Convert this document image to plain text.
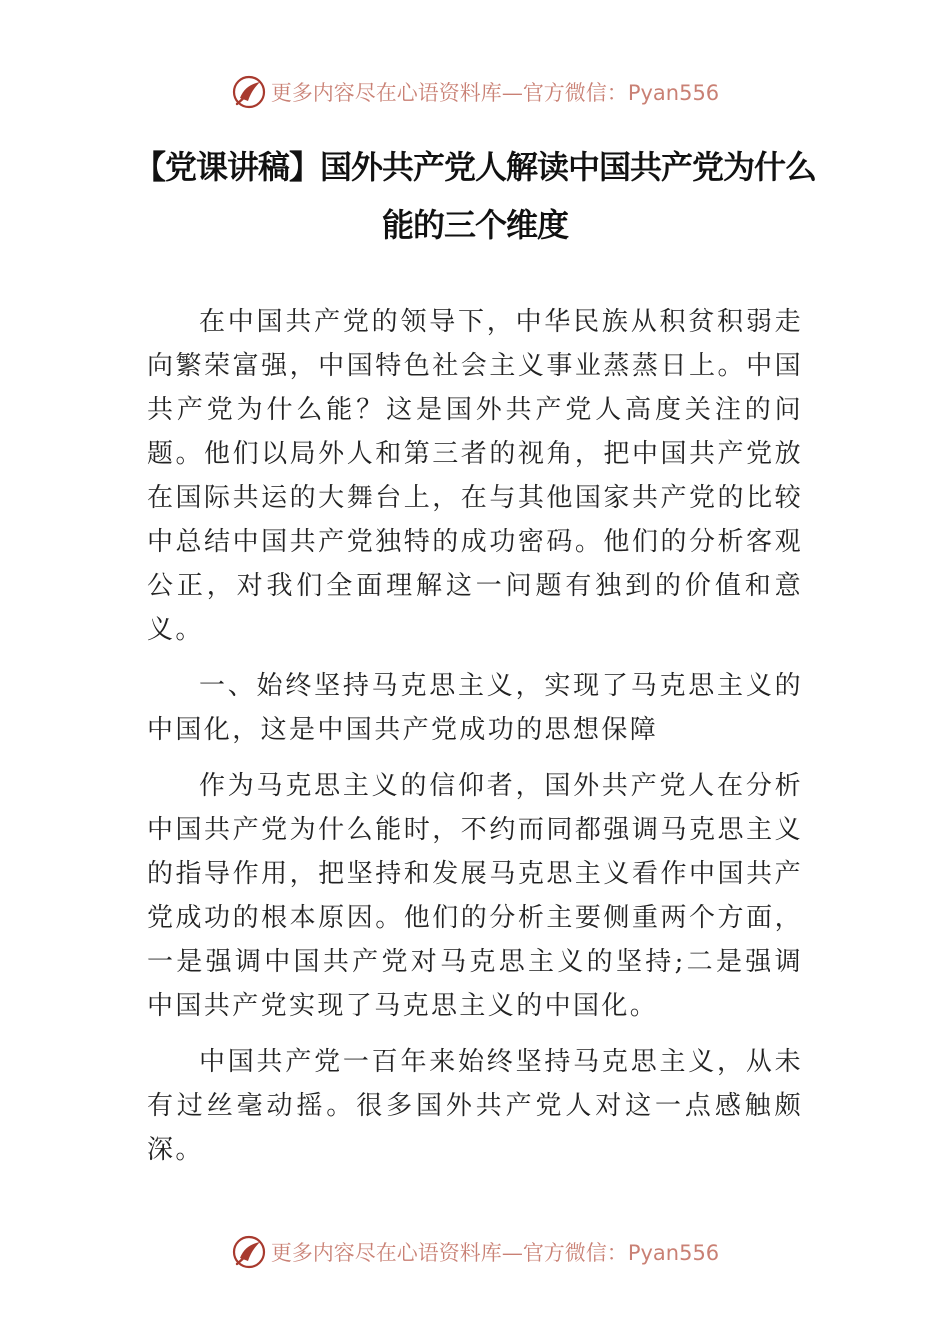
更多内容尽在心语资料库—官方微信：Pyan556
【党课讲稿】国外共产党人解读中国共产党为什么能的三个维度

在中国共产党的领导下，中华民族从积贫积弱走向繁荣富强，中国特色社会主义事业蒸蒸日上。中国共产党为什么能？这是国外共产党人高度关注的问题。他们以局外人和第三者的视角，把中国共产党放在国际共运的大舞台上，在与其他国家共产党的比较中总结中国共产党独特的成功密码。他们的分析客观公正，对我们全面理解这一问题有独到的价值和意义。

一、始终坚持马克思主义，实现了马克思主义的中国化，这是中国共产党成功的思想保障

作为马克思主义的信仰者，国外共产党人在分析中国共产党为什么能时，不约而同都强调马克思主义的指导作用，把坚持和发展马克思主义看作中国共产党成功的根本原因。他们的分析主要侧重两个方面，一是强调中国共产党对马克思主义的坚持;二是强调中国共产党实现了马克思主义的中国化。

中国共产党一百年来始终坚持马克思主义，从未有过丝毫动摇。很多国外共产党人对这一点感触颇深。

更多内容尽在心语资料库—官方微信：Pyan556
